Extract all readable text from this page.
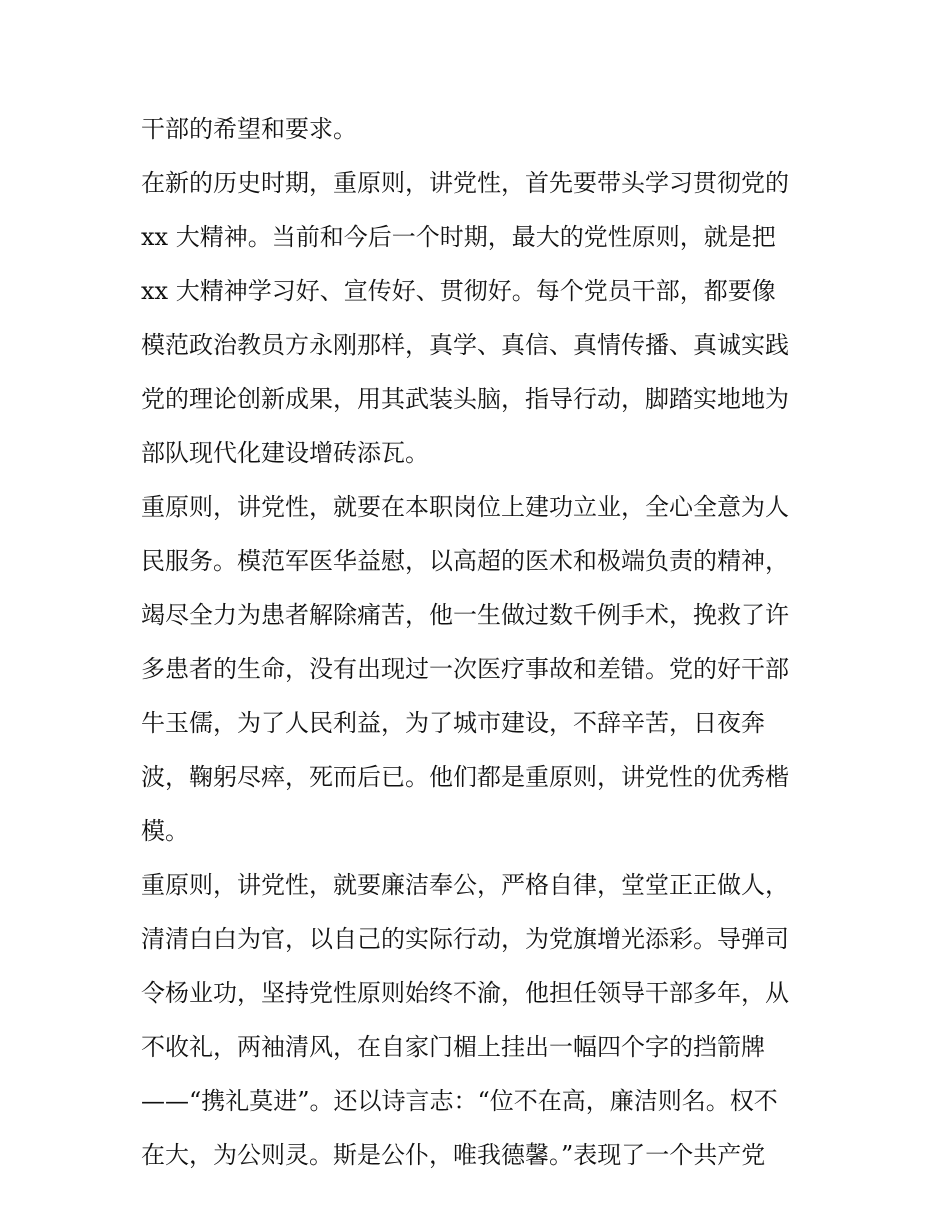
干部的希望和要求。
在新的历史时期，重原则，讲党性，首先要带头学习贯彻党的
xx 大精神。当前和今后一个时期，最大的党性原则，就是把
xx 大精神学习好、宣传好、贯彻好。每个党员干部，都要像
模范政治教员方永刚那样，真学、真信、真情传播、真诚实践
党的理论创新成果，用其武装头脑，指导行动，脚踏实地地为
部队现代化建设增砖添瓦。
重原则，讲党性，就要在本职岗位上建功立业，全心全意为人
民服务。模范军医华益慰，以高超的医术和极端负责的精神，
竭尽全力为患者解除痛苦，他一生做过数千例手术，挽救了许
多患者的生命，没有出现过一次医疗事故和差错。党的好干部
牛玉儒，为了人民利益，为了城市建设，不辞辛苦，日夜奔
波，鞠躬尽瘁，死而后已。他们都是重原则，讲党性的优秀楷
模。
重原则，讲党性，就要廉洁奉公，严格自律，堂堂正正做人，
清清白白为官，以自己的实际行动，为党旗增光添彩。导弹司
令杨业功，坚持党性原则始终不渝，他担任领导干部多年，从
不收礼，两袖清风，在自家门楣上挂出一幅四个字的挡箭牌
——“携礼莫进”。还以诗言志：“位不在高，廉洁则名。权不
在大，为公则灵。斯是公仆，唯我德馨。”表现了一个共产党
